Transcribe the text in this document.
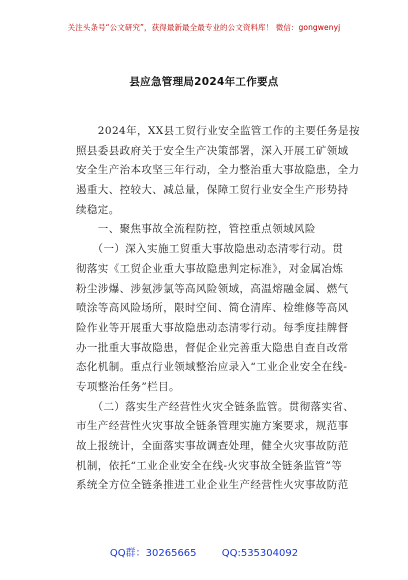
关注头条号“公文研究”，获得最新最全最专业的公文资料库！ 微信：gongwenyj
县应急管理局2024年工作要点
　　2024年，XX县工贸行业安全监管工作的主要任务是按
照县委县政府关于安全生产决策部署，深入开展工矿领域
安全生产治本攻坚三年行动，全力整治重大事故隐患，全力
遏重大、控较大、减总量，保障工贸行业安全生产形势持
续稳定。
　　一、聚焦事故全流程防控，管控重点领域风险
　　（一）深入实施工贸重大事故隐患动态清零行动。贯
彻落实《工贸企业重大事故隐患判定标准》，对金属冶炼
粉尘涉爆、涉氨涉氯等高风险领域，高温熔融金属、燃气
喷涂等高风险场所，限时空间、简仓清库、检维修等高风
险作业等开展重大事故隐患动态清零行动。每季度挂牌督
办一批重大事故隐患，督促企业完善重大隐患自查自改常
态化机制。重点行业领域整治应录入“工业企业安全在线-
专项整治任务”栏目。
　　（二）落实生产经营性火灾全链条监管。贯彻落实省、
市生产经营性火灾事故全链条管理实施方案要求，规范事
故上报统计，全面落实事故调查处理，健全火灾事故防范
机制，依托“工业企业安全在线-火灾事故全链条监管”等
系统全方位全链条推进工业企业生产经营性火灾事故防范
QQ群：30265665	QQ:535304092
